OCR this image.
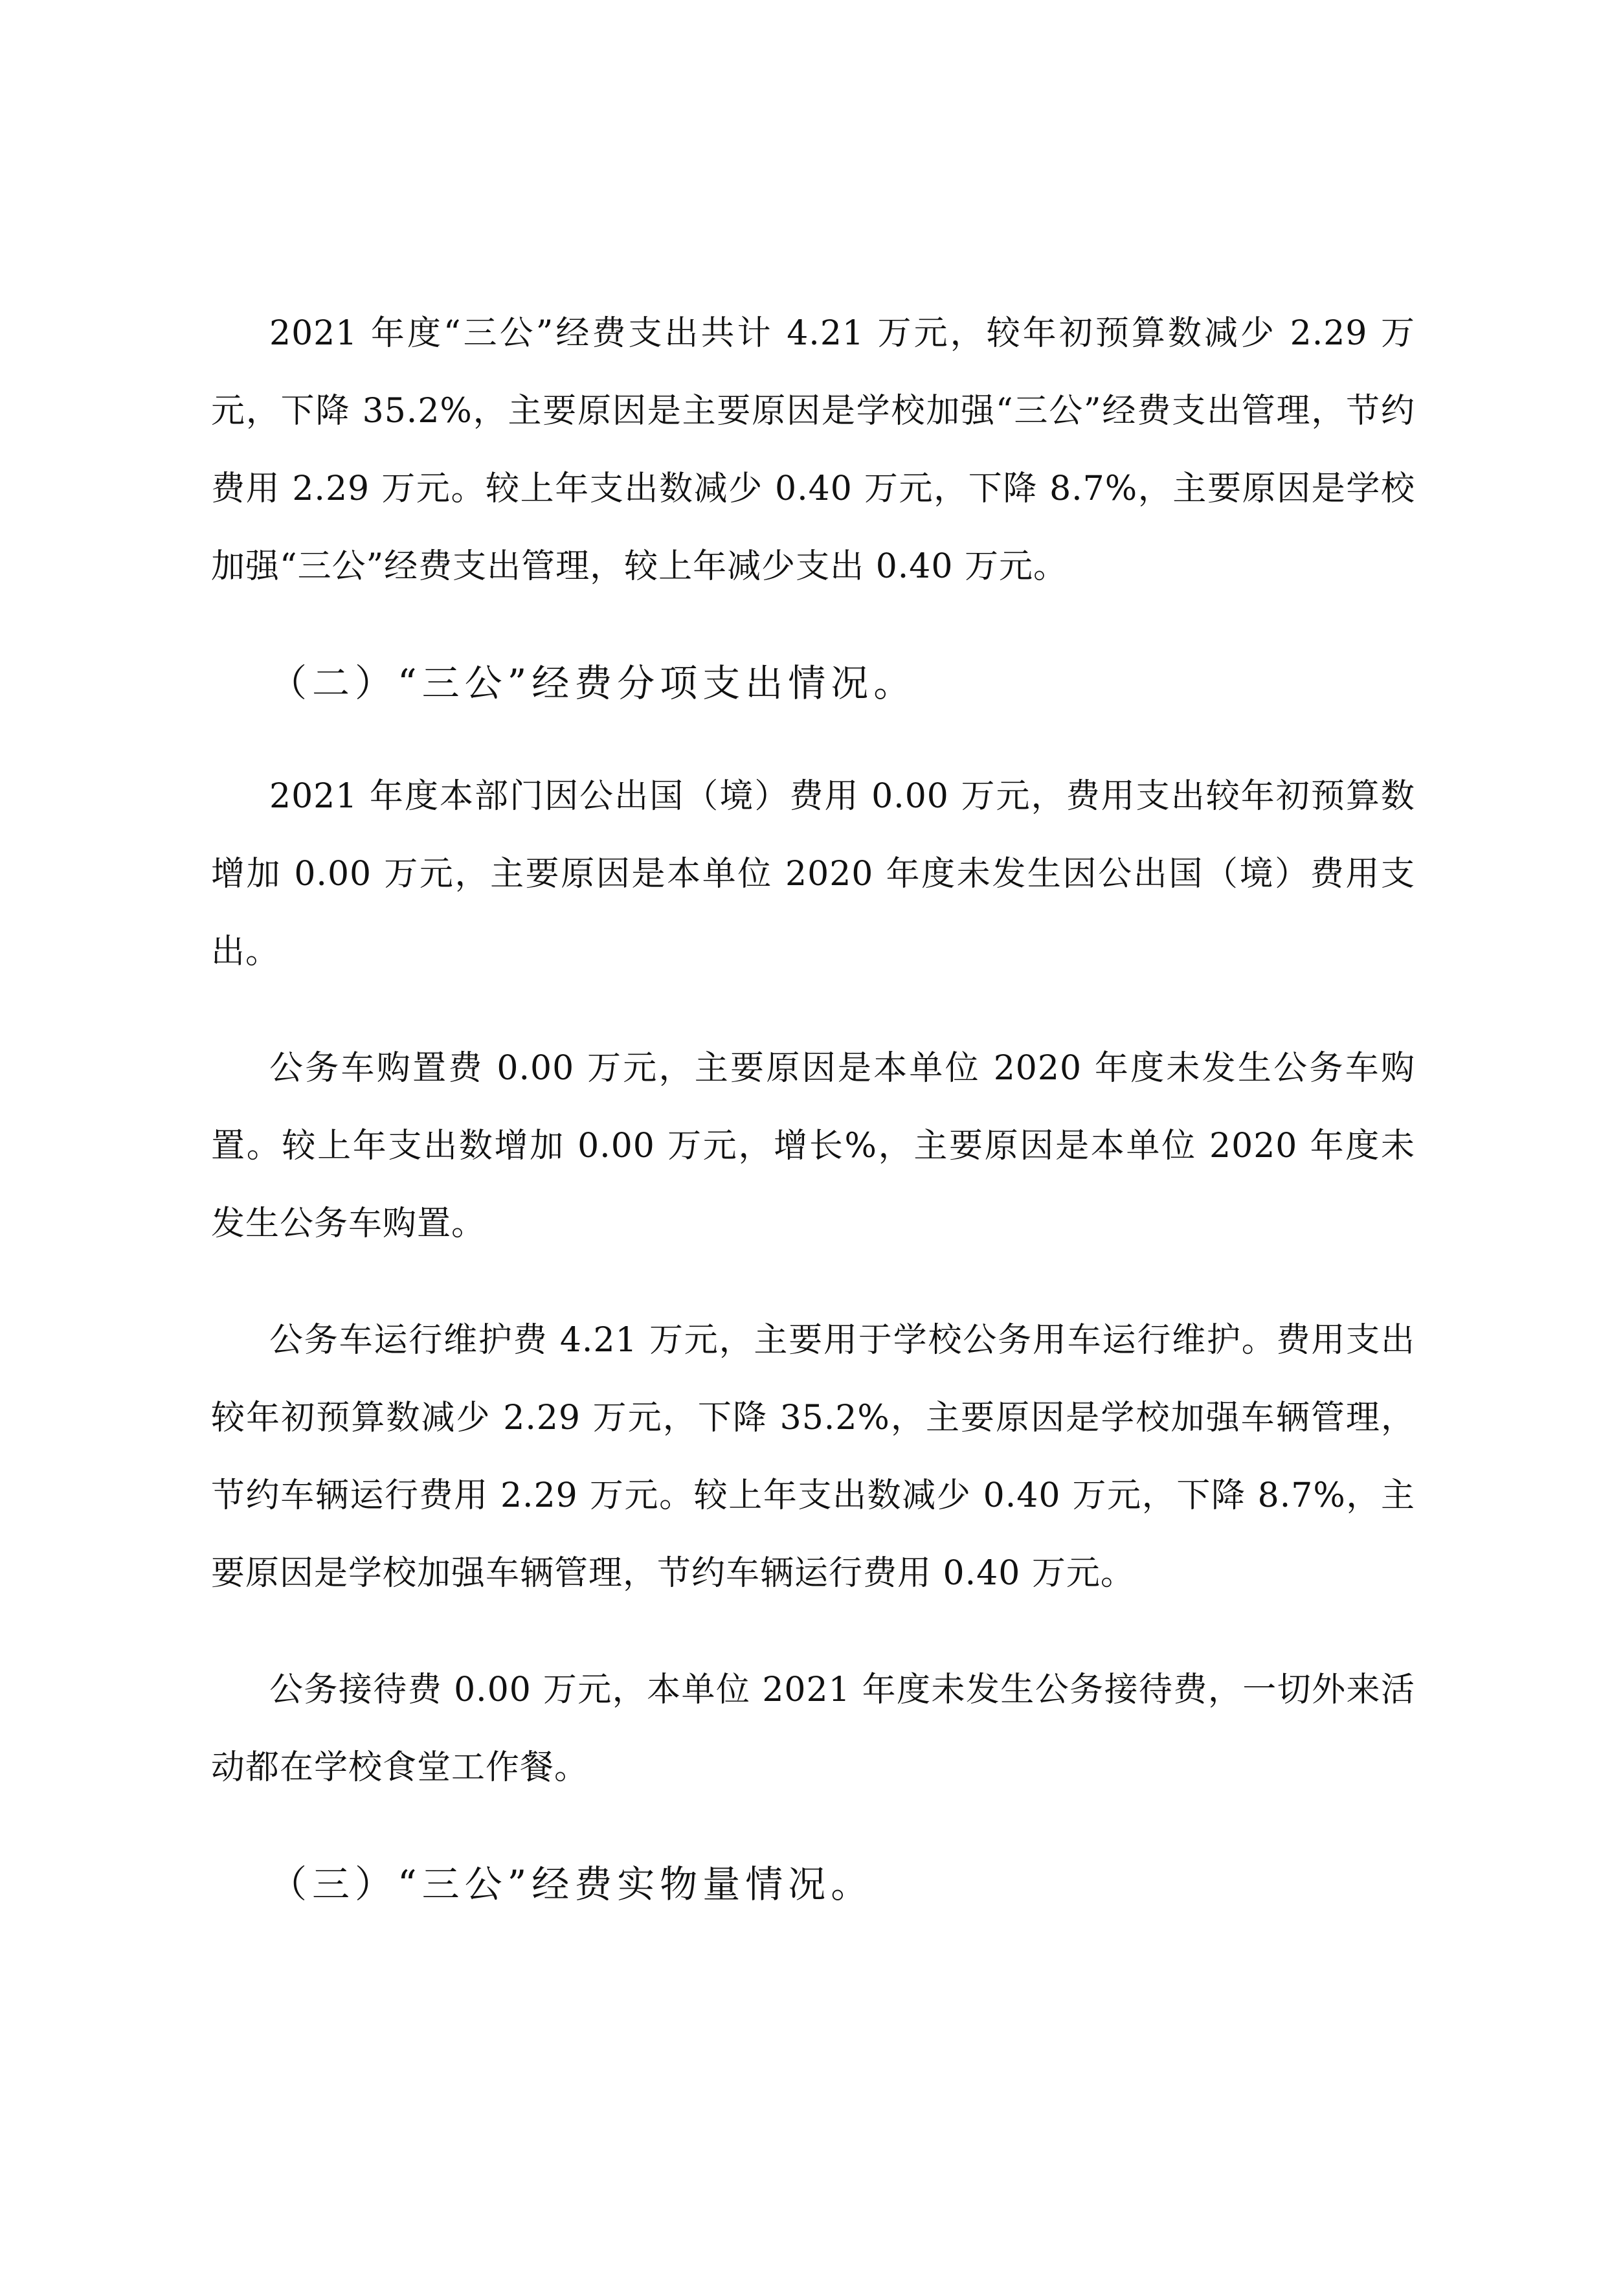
2021 年度“三公”经费支出共计 4.21 万元，较年初预算数减少 2.29 万元，下降 35.2%，主要原因是主要原因是学校加强“三公”经费支出管理，节约费用 2.29 万元。较上年支出数减少 0.40 万元，下降 8.7%，主要原因是学校加强“三公”经费支出管理，较上年减少支出 0.40 万元。

（二）“三公”经费分项支出情况。

2021 年度本部门因公出国（境）费用 0.00 万元，费用支出较年初预算数增加 0.00 万元，主要原因是本单位 2020 年度未发生因公出国（境）费用支出。

公务车购置费 0.00 万元，主要原因是本单位 2020 年度未发生公务车购置。较上年支出数增加 0.00 万元，增长%，主要原因是本单位 2020 年度未发生公务车购置。

公务车运行维护费 4.21 万元，主要用于学校公务用车运行维护。费用支出较年初预算数减少 2.29 万元，下降 35.2%，主要原因是学校加强车辆管理，节约车辆运行费用 2.29 万元。较上年支出数减少 0.40 万元，下降 8.7%，主要原因是学校加强车辆管理，节约车辆运行费用 0.40 万元。

公务接待费 0.00 万元，本单位 2021 年度未发生公务接待费，一切外来活动都在学校食堂工作餐。

（三）“三公”经费实物量情况。
